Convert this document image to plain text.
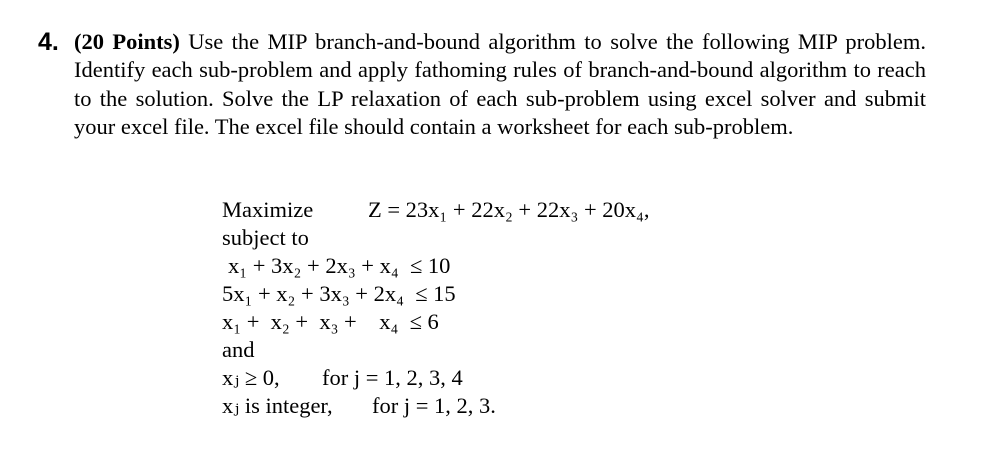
4. (20 Points) Use the MIP branch-and-bound algorithm to solve the following MIP problem. Identify each sub-problem and apply fathoming rules of branch-and-bound algorithm to reach to the solution. Solve the LP relaxation of each sub-problem using excel solver and submit your excel file. The excel file should contain a worksheet for each sub-problem.
Maximize Z = 23x₁ + 22x₂ + 22x₃ + 20x₄,
subject to
x₁ + 3x₂ + 2x₃ + x₄  ≤ 10
5x₁ + x₂ + 3x₃ + 2x₄  ≤ 15
x₁ +  x₂ +  x₃ +    x₄  ≤ 6
and
xⱼ ≥ 0, for j = 1, 2, 3, 4
xⱼ is integer, for j = 1, 2, 3.
